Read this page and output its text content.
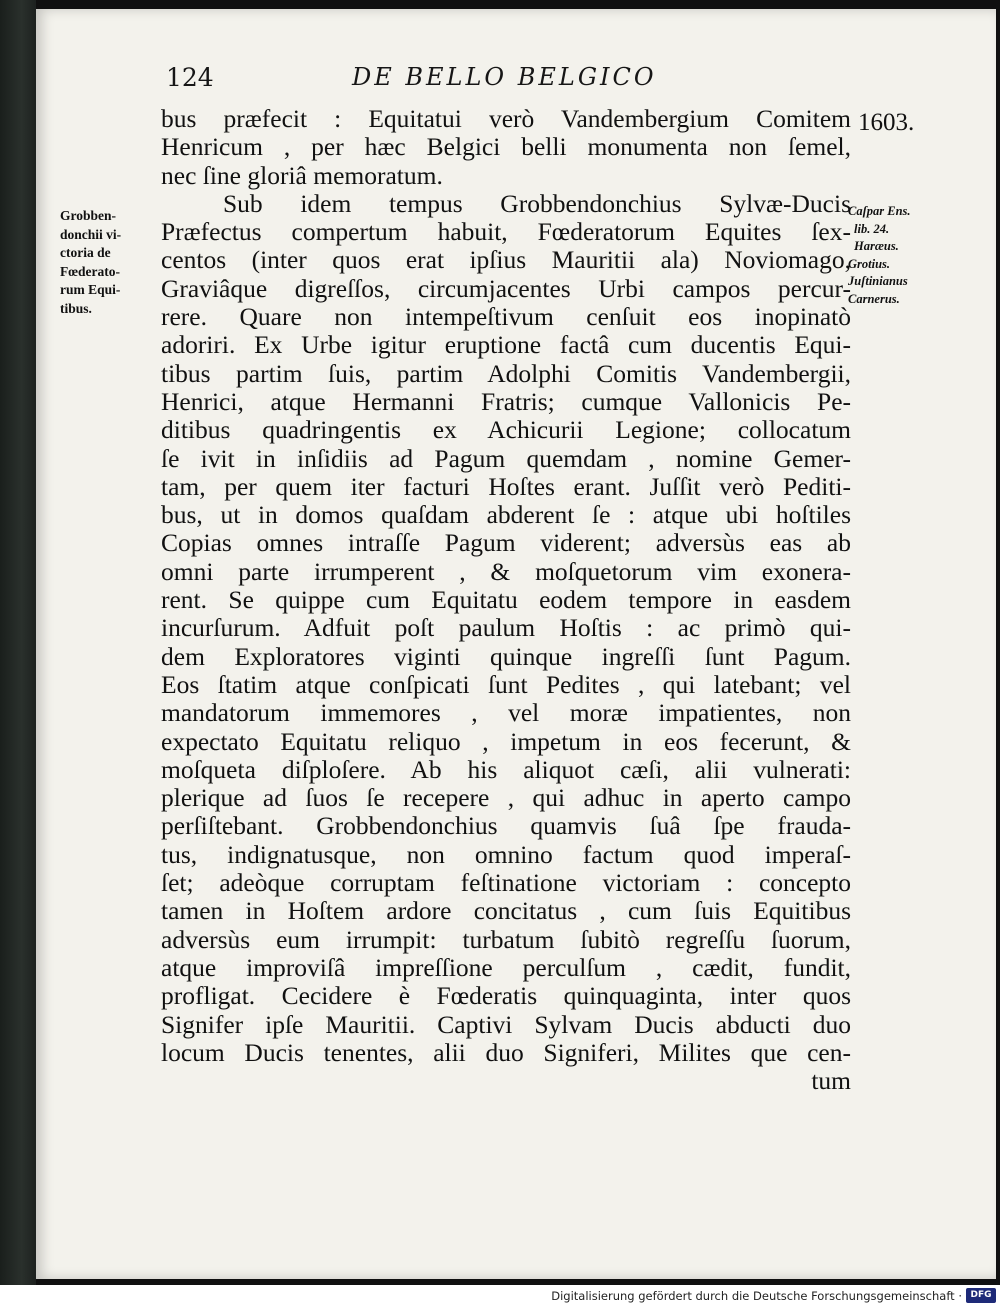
124	DE BELLO BELGICO
1603.
Grobben-
donchii vi-
ctoria de
Fœderato-
rum Equi-
tibus.
Caſpar Ens.
lib. 24.
Haræus.
Grotius.
Juſtinianus
Carnerus.
bus præfecit : Equitatui verò Vandembergium Comitem
Henricum , per hæc Belgici belli monumenta non ſemel,
nec ſine gloriâ memoratum.
Sub idem tempus Grobbendonchius Sylvæ-Ducis
Præfectus compertum habuit, Fœderatorum Equites ſex-
centos (inter quos erat ipſius Mauritii ala) Noviomago,
Graviâque digreſſos, circumjacentes Urbi campos percur-
rere. Quare non intempeſtivum cenſuit eos inopinatò
adoriri. Ex Urbe igitur eruptione factâ cum ducentis Equi-
tibus partim ſuis, partim Adolphi Comitis Vandembergii,
Henrici, atque Hermanni Fratris; cumque Vallonicis Pe-
ditibus quadringentis ex Achicurii Legione; collocatum
ſe ivit in inſidiis ad Pagum quemdam , nomine Gemer-
tam, per quem iter facturi Hoſtes erant. Juſſit verò Pediti-
bus, ut in domos quaſdam abderent ſe : atque ubi hoſtiles
Copias omnes intraſſe Pagum viderent; adversùs eas ab
omni parte irrumperent , & moſquetorum vim exonera-
rent. Se quippe cum Equitatu eodem tempore in easdem
incurſurum. Adfuit poſt paulum Hoſtis : ac primò qui-
dem Exploratores viginti quinque ingreſſi ſunt Pagum.
Eos ſtatim atque conſpicati ſunt Pedites , qui latebant; vel
mandatorum immemores , vel moræ impatientes, non
expectato Equitatu reliquo , impetum in eos fecerunt, &
moſqueta diſploſere. Ab his aliquot cæſi, alii vulnerati:
plerique ad ſuos ſe recepere , qui adhuc in aperto campo
perſiſtebant. Grobbendonchius quamvis ſuâ ſpe frauda-
tus, indignatusque, non omnino factum quod imperaſ-
ſet; adeòque corruptam feſtinatione victoriam : concepto
tamen in Hoſtem ardore concitatus , cum ſuis Equitibus
adversùs eum irrumpit: turbatum ſubitò regreſſu ſuorum,
atque improviſâ impreſſione perculſum , cædit, fundit,
profligat. Cecidere è Fœderatis quinquaginta, inter quos
Signifer ipſe Mauritii. Captivi Sylvam Ducis abducti duo
locum Ducis tenentes, alii duo Signiferi, Milites que cen-
tum
Digitalisierung gefördert durch die Deutsche Forschungsgemeinschaft · DFG
